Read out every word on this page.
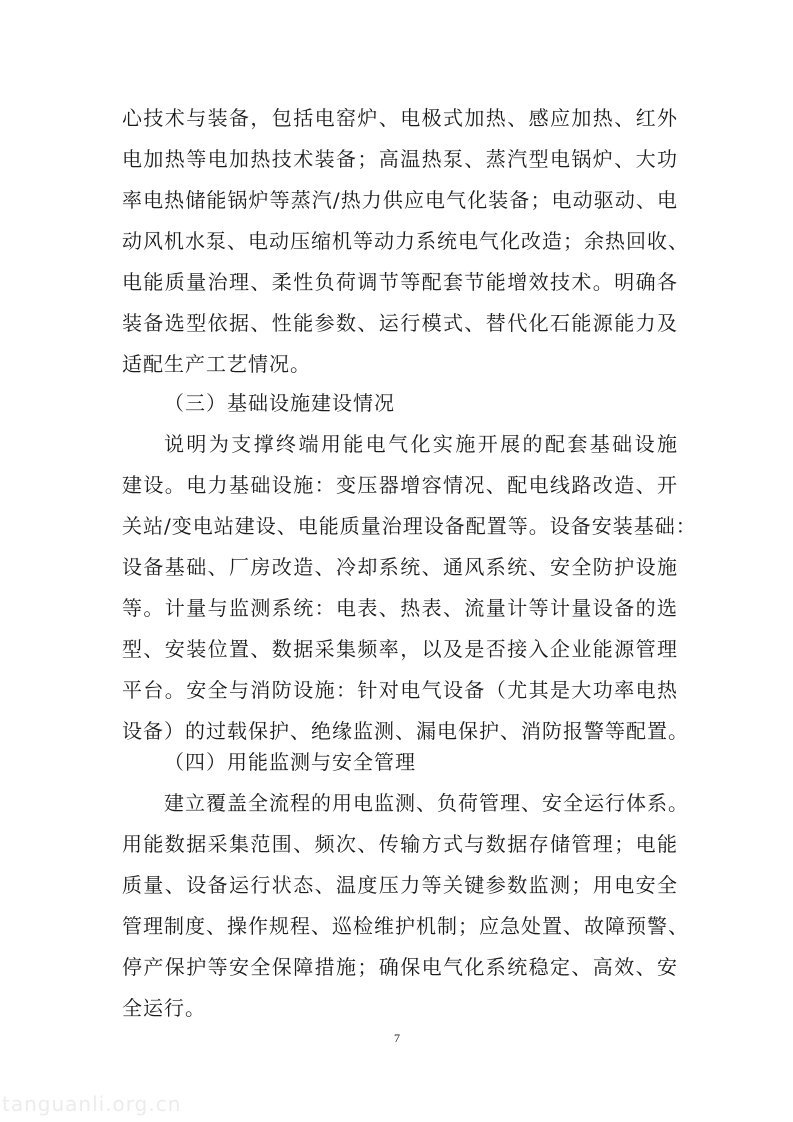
心技术与装备，包括电窑炉、电极式加热、感应加热、红外
电加热等电加热技术装备；高温热泵、蒸汽型电锅炉、大功
率电热储能锅炉等蒸汽/热力供应电气化装备；电动驱动、电
动风机水泵、电动压缩机等动力系统电气化改造；余热回收、
电能质量治理、柔性负荷调节等配套节能增效技术。明确各
装备选型依据、性能参数、运行模式、替代化石能源能力及
适配生产工艺情况。
（三）基础设施建设情况
说明为支撑终端用能电气化实施开展的配套基础设施
建设。电力基础设施：变压器增容情况、配电线路改造、开
关站/变电站建设、电能质量治理设备配置等。设备安装基础：
设备基础、厂房改造、冷却系统、通风系统、安全防护设施
等。计量与监测系统：电表、热表、流量计等计量设备的选
型、安装位置、数据采集频率，以及是否接入企业能源管理
平台。安全与消防设施：针对电气设备（尤其是大功率电热
设备）的过载保护、绝缘监测、漏电保护、消防报警等配置。
（四）用能监测与安全管理
建立覆盖全流程的用电监测、负荷管理、安全运行体系。
用能数据采集范围、频次、传输方式与数据存储管理；电能
质量、设备运行状态、温度压力等关键参数监测；用电安全
管理制度、操作规程、巡检维护机制；应急处置、故障预警、
停产保护等安全保障措施；确保电气化系统稳定、高效、安
全运行。
7
tanguanli.org.cn
